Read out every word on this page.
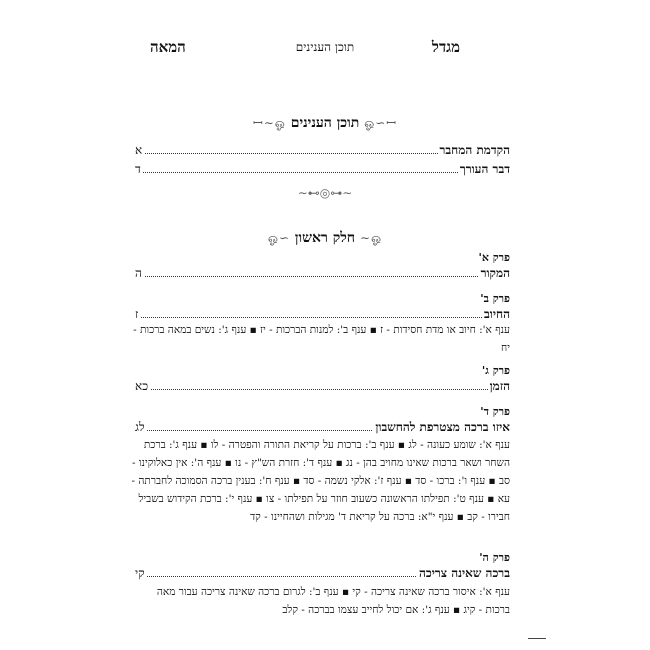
מגדל
תוכן הענינים
המאה
ஓ∽ꟷ תוכן הענינים ꟷ∼ஓ
הקדמת המחבר
א
דבר העורך
ד
∽⊷◎⊶∽
ஓ∽ חלק ראשון ∼ஓ
פרק א'
המקור
ה
פרק ב'
החיוב
ז
ענף א': חיוב או מדת חסידות - ז ▪ ענף ב': למנות הברכות - יז ▪ ענף ג': נשים במאה ברכות - יח
פרק ג'
הזמן
כא
פרק ד'
איזו ברכה מצטרפת להחשבון
לג
ענף א': שומע כעונה - לג ▪ ענף ב': ברכות על קריאת התורה והפטרה - לו ▪ ענף ג': ברכת השחר ושאר ברכות שאינו מחויב בהן - נג ▪ ענף ד': חזרת הש"ץ - נו ▪ ענף ה': אין כאלוקינו - סב ▪ ענף ו': ברכו - סד ▪ ענף ז': אלקי נשמה - סד ▪ ענף ח': בענין ברכה הסמוכה לחברתה - עא ▪ ענף ט': תפילתו הראשונה כשעוב חוזר על תפילתו - צו ▪ ענף י': ברכת הקידוש בשביל חבירו - קב ▪ ענף י"א: ברכה על קריאת ד' מגילות ושהחיינו - קד
פרק ה'
ברכה שאינה צריכה
קי
ענף א': איסור ברכה שאינה צריכה - קי ▪ ענף ב': לגרום ברכה שאינה צריכה עבור מאה ברכות - קיג ▪ ענף ג': אם יכול לחייב עצמו בברכה - קלב
